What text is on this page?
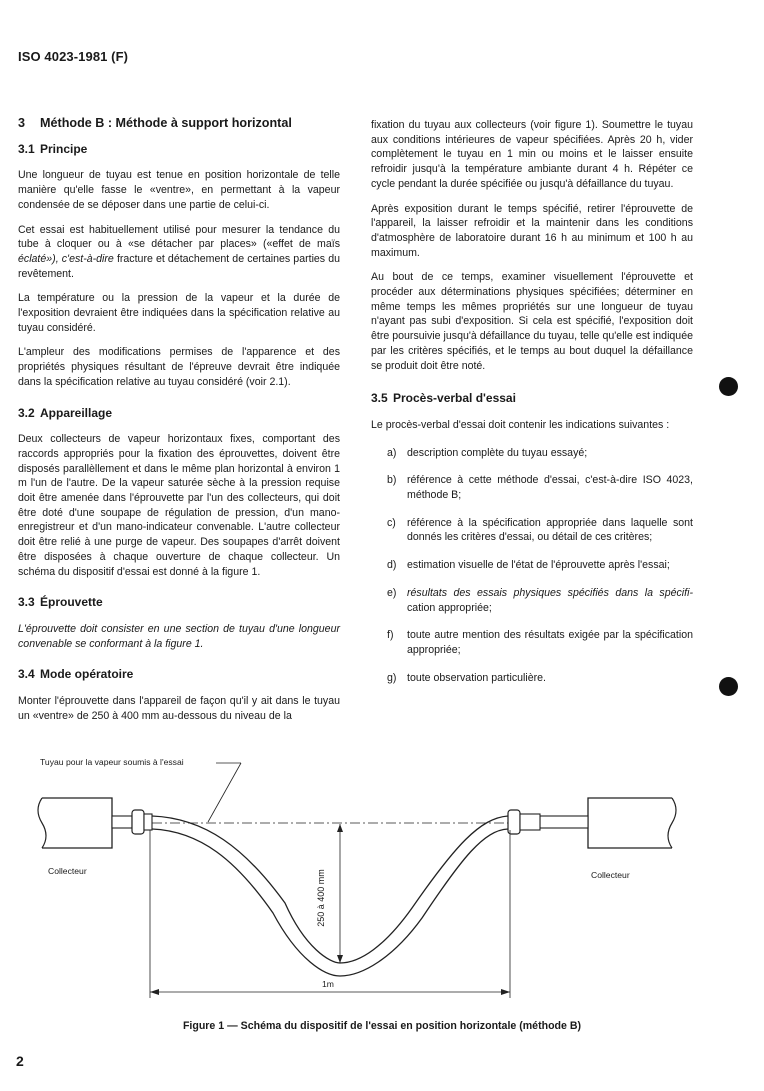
ISO 4023-1981 (F)
3 Méthode B : Méthode à support horizontal
3.1 Principe

Une longueur de tuyau est tenue en position horizontale de telle manière qu'elle fasse le «ventre», en permettant à la vapeur condensée de se déposer dans une partie de celui-ci.

Cet essai est habituellement utilisé pour mesurer la tendance du tube à cloquer ou à «se détacher par places» («effet de maïs éclaté»), c'est-à-dire fracture et détachement de certaines parties du revêtement.

La température ou la pression de la vapeur et la durée de l'exposition devraient être indiquées dans la spécification relative au tuyau considéré.

L'ampleur des modifications permises de l'apparence et des propriétés physiques résultant de l'épreuve devrait être indiquée dans la spécification relative au tuyau considéré (voir 2.1).

3.2 Appareillage

Deux collecteurs de vapeur horizontaux fixes, comportant des raccords appropriés pour la fixation des éprouvettes, doivent être disposés parallèllement et dans le même plan horizontal à environ 1 m l'un de l'autre. De la vapeur saturée sèche à la pression requise doit être amenée dans l'éprouvette par l'un des collecteurs, qui doit être doté d'une soupape de régulation de pression, d'un mano-enregistreur et d'un mano-indicateur convenable. L'autre collecteur doit être relié à une purge de vapeur. Des soupapes d'arrêt doivent être disposées à chaque ouverture de chaque collecteur. Un schéma du dispositif d'essai est donné à la figure 1.

3.3 Éprouvette

L'éprouvette doit consister en une section de tuyau d'une longueur convenable se conformant à la figure 1.

3.4 Mode opératoire

Monter l'éprouvette dans l'appareil de façon qu'il y ait dans le tuyau un «ventre» de 250 à 400 mm au-dessous du niveau de la

fixation du tuyau aux collecteurs (voir figure 1). Soumettre le tuyau aux conditions intérieures de vapeur spécifiées. Après 20 h, vider complètement le tuyau en 1 min ou moins et le laisser ensuite refroidir jusqu'à la température ambiante durant 4 h. Répéter ce cycle pendant la durée spécifiée ou jusqu'à défaillance du tuyau.

Après exposition durant le temps spécifié, retirer l'éprouvette de l'appareil, la laisser refroidir et la maintenir dans les conditions d'atmosphère de laboratoire durant 16 h au minimum et 100 h au maximum.

Au bout de ce temps, examiner visuellement l'éprouvette et procéder aux déterminations physiques spécifiées; déterminer en même temps les mêmes propriétés sur une longueur de tuyau n'ayant pas subi d'exposition. Si cela est spécifié, l'exposition doit être poursuivie jusqu'à défaillance du tuyau, telle qu'elle est indiquée par les critères spécifiés, et le temps au bout duquel la défaillance se produit doit être noté.

3.5 Procès-verbal d'essai

Le procès-verbal d'essai doit contenir les indications suivantes :

a) description complète du tuyau essayé;
b) référence à cette méthode d'essai, c'est-à-dire ISO 4023, méthode B;
c)	référence à la spécification appropriée dans laquelle sont donnés les critères d'essai, ou détail de ces critères;
d) estimation visuelle de l'état de l'éprouvette après l'essai;
e) résultats des essais physiques spécifiés dans la spécifi- cation appropriée;
f)	toute autre mention des résultats exigée par la spécification appropriée;
g) toute observation particulière.
250 à 400 mm
Tuyau pour la vapeur soumis à l'essai
Collecteur	Collecteur
1m
Figure 1 — Schéma du dispositif de l'essai en position horizontale (méthode B)
2
